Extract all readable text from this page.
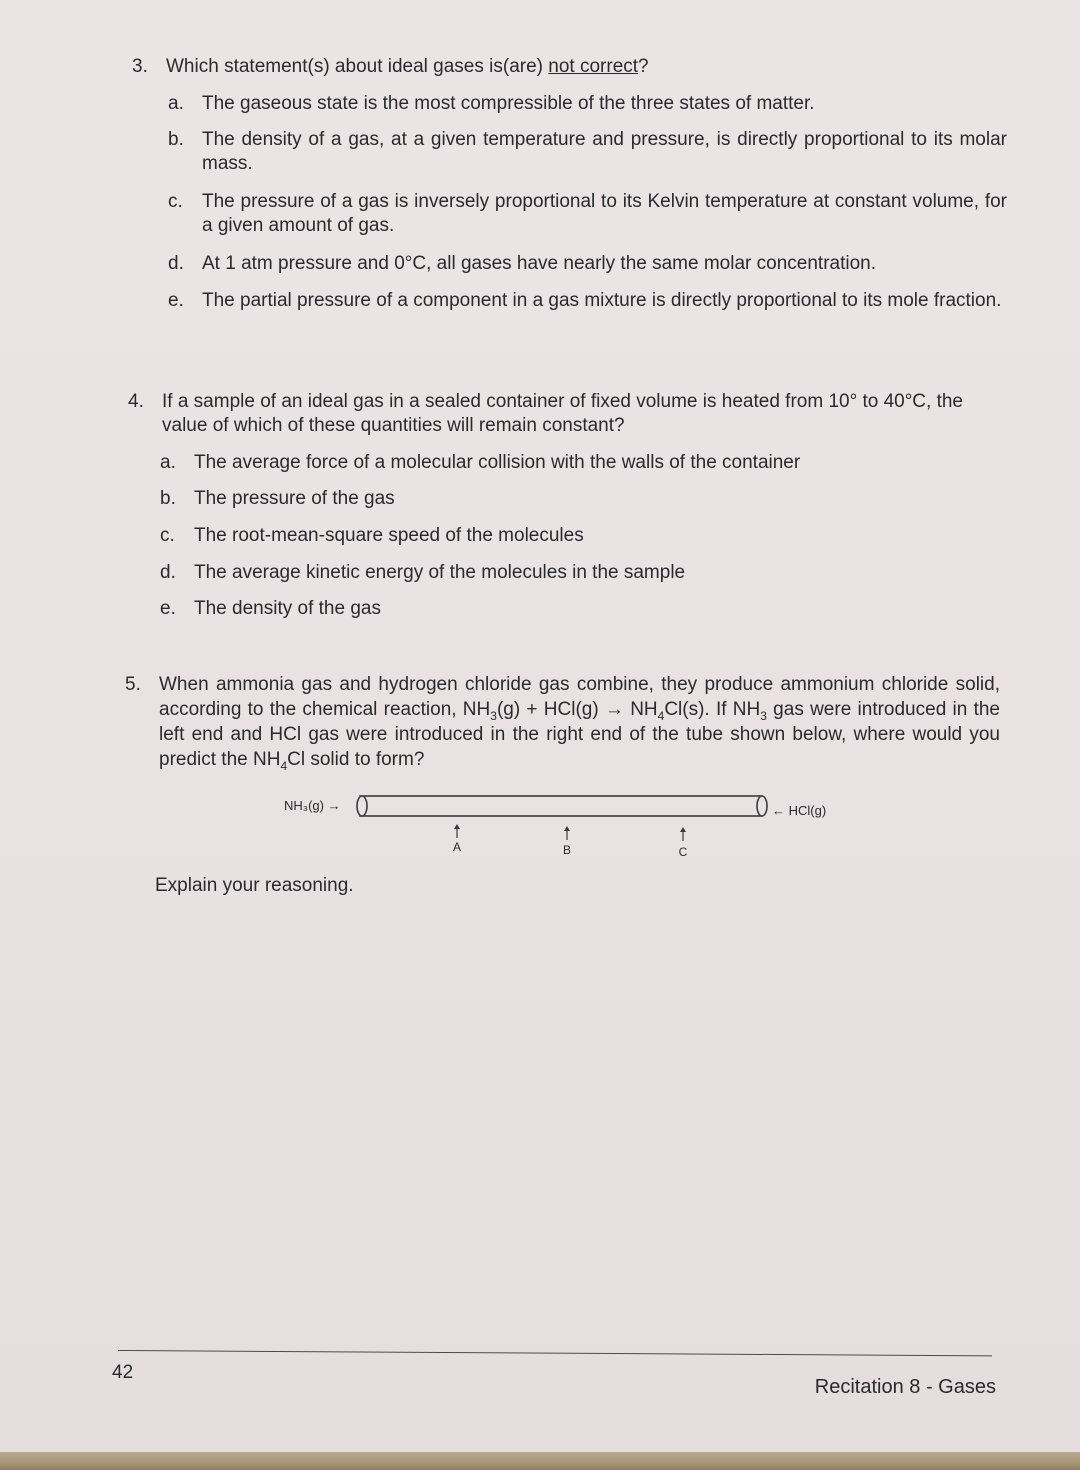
3. Which statement(s) about ideal gases is(are) not correct?
a. The gaseous state is the most compressible of the three states of matter.
b. The density of a gas, at a given temperature and pressure, is directly proportional to its molar mass.
c. The pressure of a gas is inversely proportional to its Kelvin temperature at constant volume, for a given amount of gas.
d. At 1 atm pressure and 0°C, all gases have nearly the same molar concentration.
e. The partial pressure of a component in a gas mixture is directly proportional to its mole fraction.
4. If a sample of an ideal gas in a sealed container of fixed volume is heated from 10° to 40°C, the value of which of these quantities will remain constant?
a. The average force of a molecular collision with the walls of the container
b. The pressure of the gas
c. The root-mean-square speed of the molecules
d. The average kinetic energy of the molecules in the sample
e. The density of the gas
5. When ammonia gas and hydrogen chloride gas combine, they produce ammonium chloride solid, according to the chemical reaction, $NH_3(g) + HCl(g) \to NH_4Cl(s)$. If $NH_3$ gas were introduced in the left end and HCl gas were introduced in the right end of the tube shown below, where would you predict the $NH_4Cl$ solid to form?
NH₃(g) →	← HCl(g)
A	B	C
Explain your reasoning.
42
Recitation 8 - Gases
